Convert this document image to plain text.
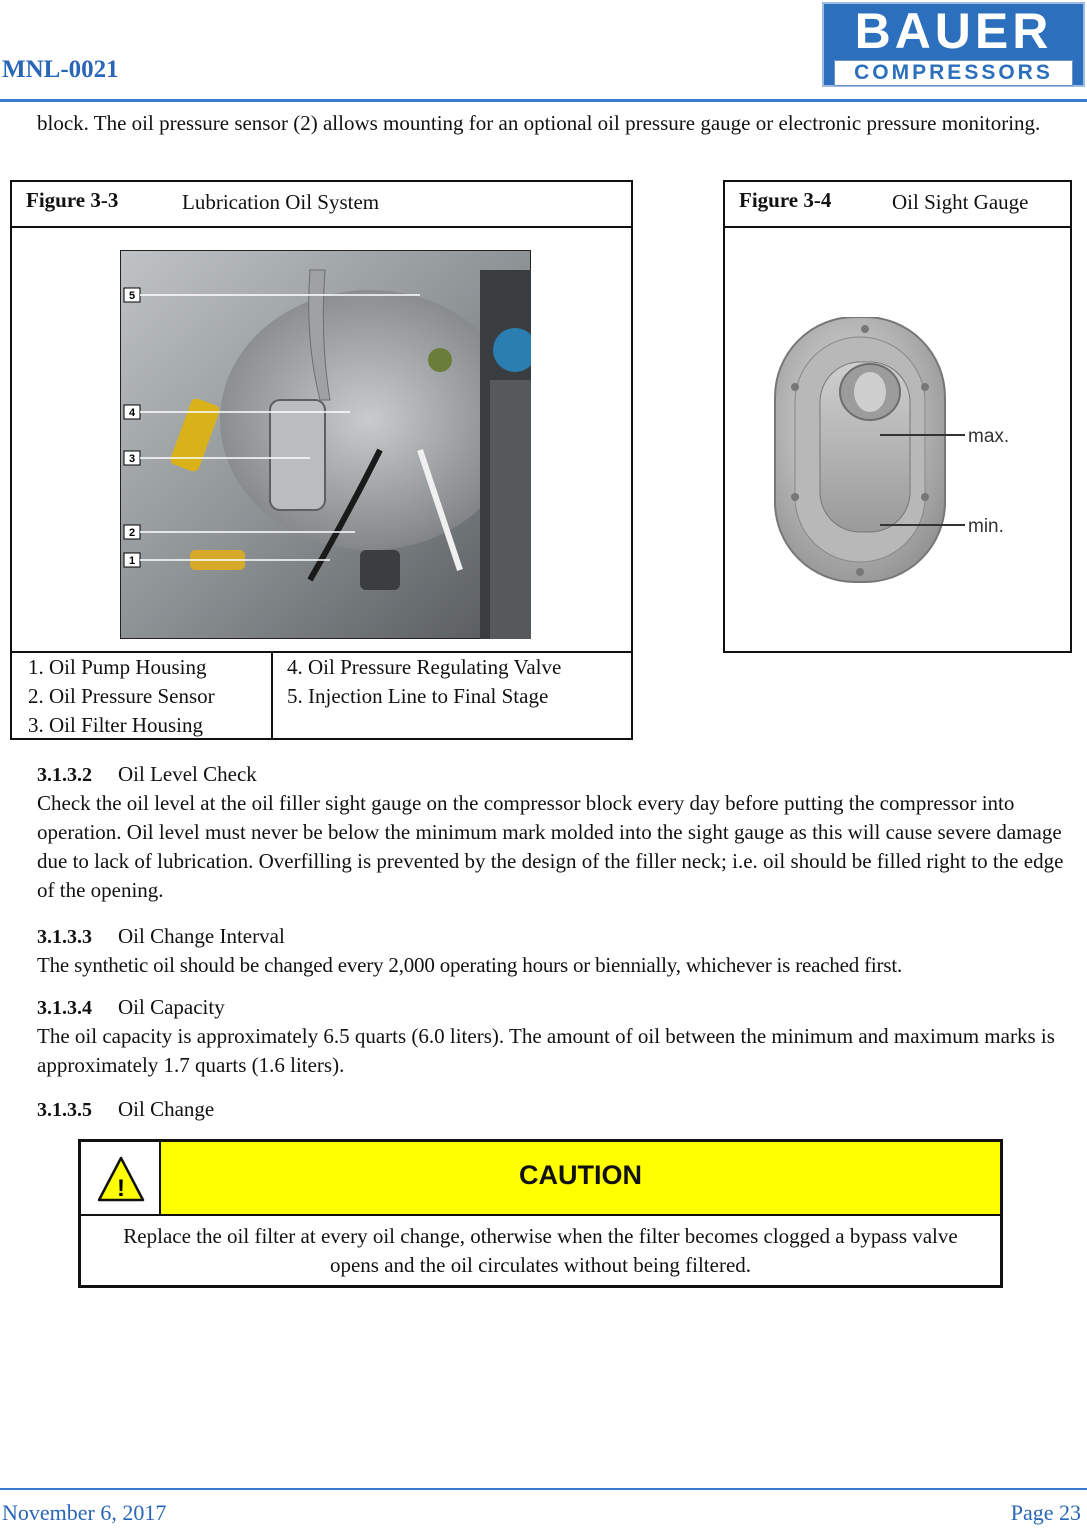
MNL-0021
BAUER
COMPRESSORS
block. The oil pressure sensor (2) allows mounting for an optional oil pressure gauge or electronic pressure monitoring.
Figure 3-3	Lubrication Oil System
5
4
3
2
1
1. Oil Pump Housing
2. Oil Pressure Sensor
3. Oil Filter Housing
4. Oil Pressure Regulating Valve
5. Injection Line to Final Stage
Figure 3-4	Oil Sight Gauge
max.
min.
3.1.3.2 Oil Level Check
Check the oil level at the oil filler sight gauge on the compressor block every day before putting the compressor into operation. Oil level must never be below the minimum mark molded into the sight gauge as this will cause severe damage due to lack of lubrication. Overfilling is prevented by the design of the filler neck; i.e. oil should be filled right to the edge of the opening.
3.1.3.3 Oil Change Interval
The synthetic oil should be changed every 2,000 operating hours or biennially, whichever is reached first.
3.1.3.4 Oil Capacity
The oil capacity is approximately 6.5 quarts (6.0 liters). The amount of oil between the minimum and maximum marks is approximately 1.7 quarts (1.6 liters).
3.1.3.5 Oil Change
!	CAUTION
Replace the oil filter at every oil change, otherwise when the filter becomes clogged a bypass valve opens and the oil circulates without being filtered.
November 6, 2017	Page 23
